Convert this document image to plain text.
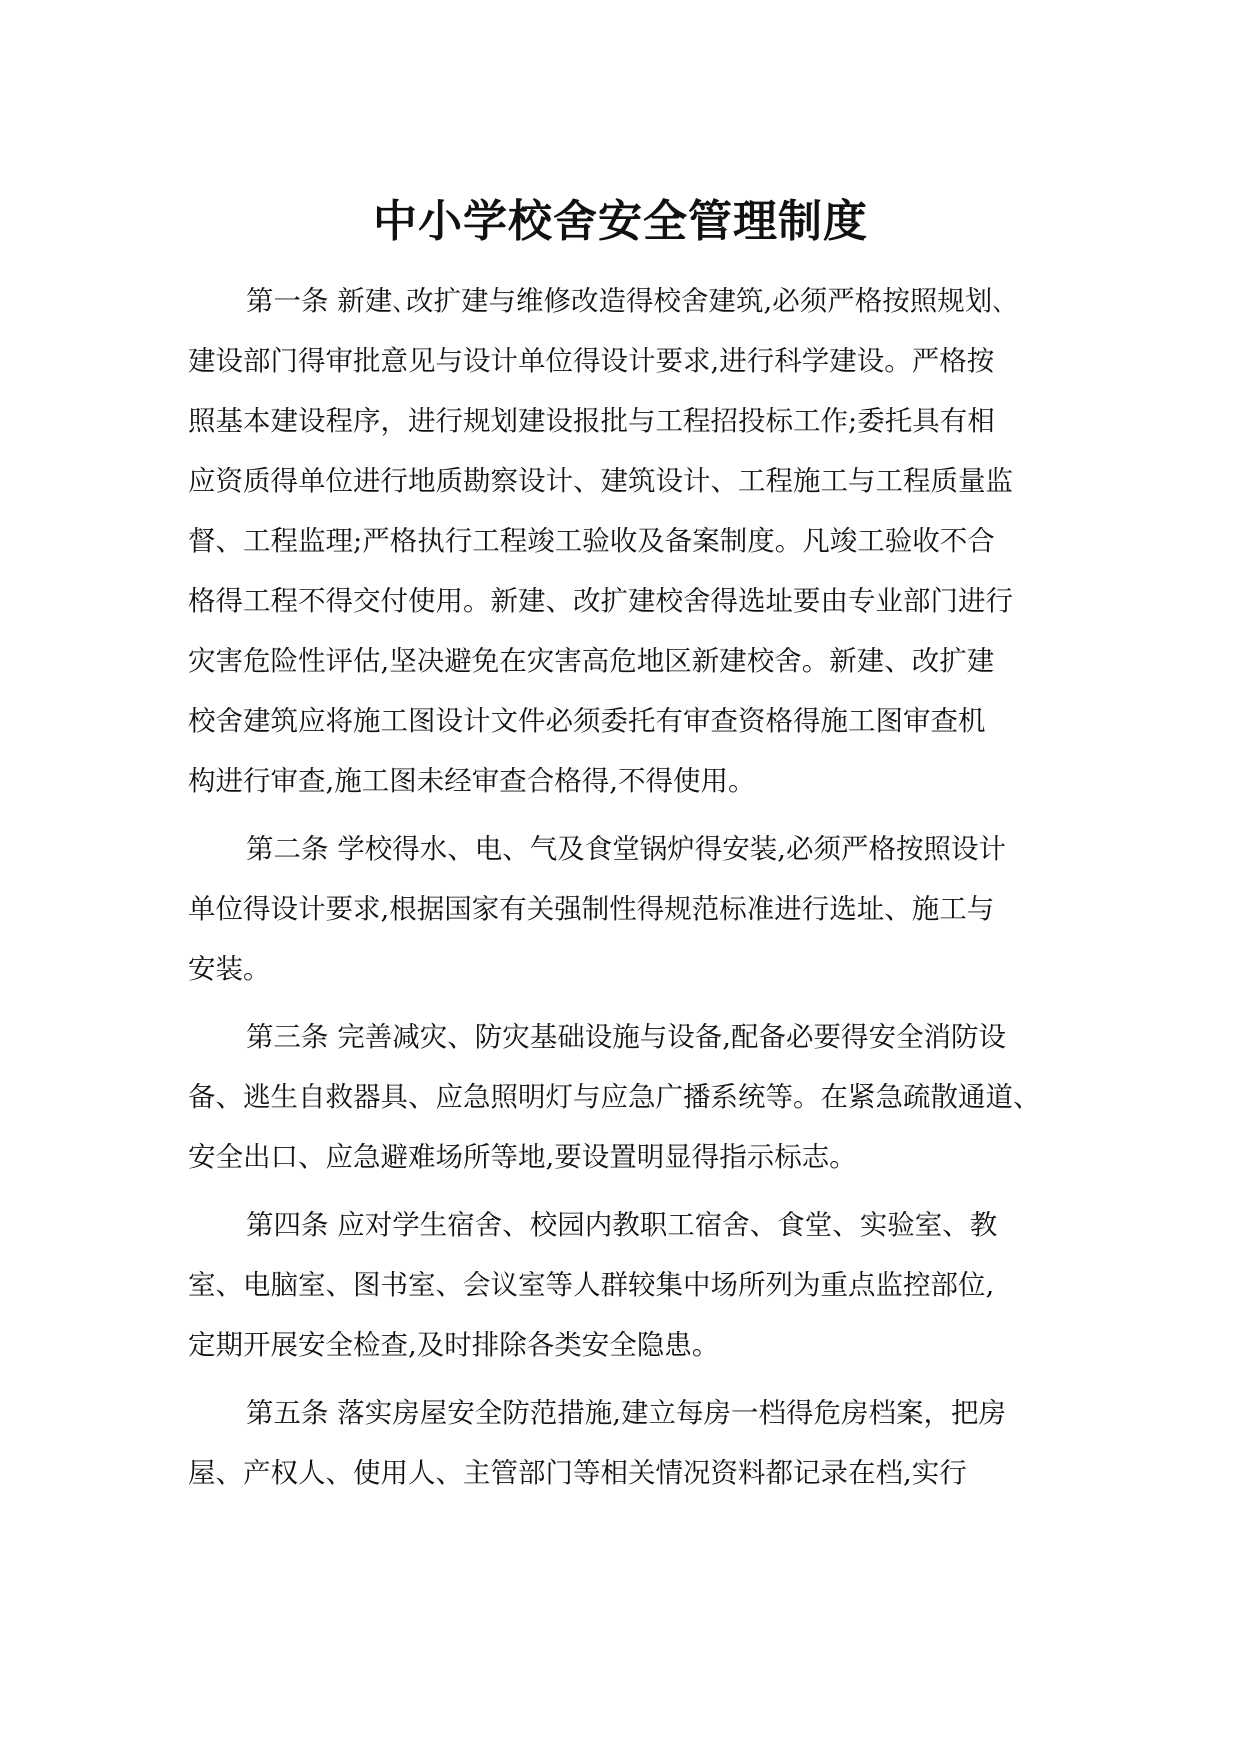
中小学校舍安全管理制度
第一条 新建､改扩建与维修改造得校舍建筑,必须严格按照规划､
建设部门得审批意见与设计单位得设计要求,进行科学建设。严格按
照基本建设程序，进行规划建设报批与工程招投标工作;委托具有相
应资质得单位进行地质勘察设计、建筑设计、工程施工与工程质量监
督、工程监理;严格执行工程竣工验收及备案制度。凡竣工验收不合
格得工程不得交付使用。新建、改扩建校舍得选址要由专业部门进行
灾害危险性评估,坚决避免在灾害高危地区新建校舍。新建、改扩建
校舍建筑应将施工图设计文件必须委托有审查资格得施工图审查机
构进行审查,施工图未经审查合格得,不得使用。
第二条 学校得水、电、气及食堂锅炉得安装,必须严格按照设计
单位得设计要求,根据国家有关强制性得规范标准进行选址、施工与
安装。
第三条 完善减灾、防灾基础设施与设备,配备必要得安全消防设
备、逃生自救器具、应急照明灯与应急广播系统等。在紧急疏散通道、
安全出口、应急避难场所等地,要设置明显得指示标志。
第四条 应对学生宿舍、校园内教职工宿舍、食堂、实验室、教
室、电脑室、图书室、会议室等人群较集中场所列为重点监控部位,
定期开展安全检查,及时排除各类安全隐患。
第五条 落实房屋安全防范措施,建立每房一档得危房档案，把房
屋、产权人、使用人、主管部门等相关情况资料都记录在档,实行
